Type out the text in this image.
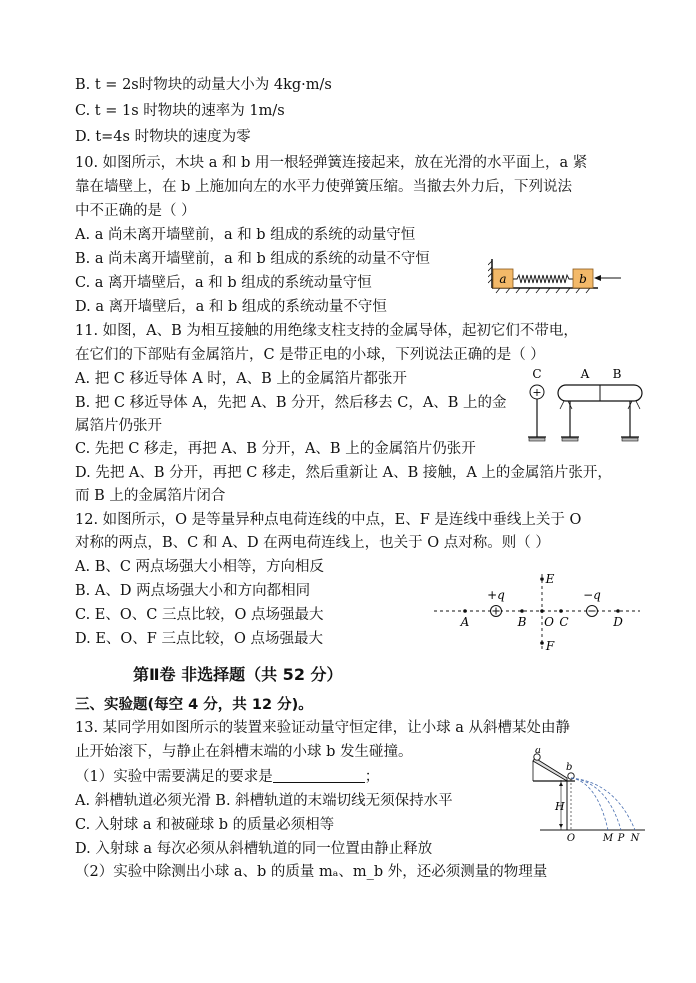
B. t = 2s时物块的动量大小为 4kg·m/s
C. t = 1s 时物块的速率为 1m/s
D. t=4s 时物块的速度为零
10. 如图所示，木块 a 和 b 用一根轻弹簧连接起来，放在光滑的水平面上，a 紧
靠在墙壁上，在 b 上施加向左的水平力使弹簧压缩。当撤去外力后，下列说法
中不正确的是（ ）
A. a 尚未离开墙壁前，a 和 b 组成的系统的动量守恒
B. a 尚未离开墙壁前，a 和 b 组成的系统的动量不守恒
C. a 离开墙壁后，a 和 b 组成的系统动量守恒
D. a 离开墙壁后，a 和 b 组成的系统动量不守恒
11. 如图，A、B 为相互接触的用绝缘支柱支持的金属导体，起初它们不带电，
在它们的下部贴有金属箔片，C 是带正电的小球，下列说法正确的是（ ）
A. 把 C 移近导体 A 时，A、B 上的金属箔片都张开
B. 把 C 移近导体 A，先把 A、B 分开，然后移去 C，A、B 上的金
属箔片仍张开
C. 先把 C 移走，再把 A、B 分开，A、B 上的金属箔片仍张开
D. 先把 A、B 分开，再把 C 移走，然后重新让 A、B 接触，A 上的金属箔片张开，
而 B 上的金属箔片闭合
12. 如图所示，O 是等量异种点电荷连线的中点，E、F 是连线中垂线上关于 O
对称的两点，B、C 和 A、D 在两电荷连线上，也关于 O 点对称。则（ ）
A. B、C 两点场强大小相等，方向相反
B. A、D 两点场强大小和方向都相同
C. E、O、C 三点比较，O 点场强最大
D. E、O、F 三点比较，O 点场强最大
第Ⅱ卷 非选择题（共 52 分）
三、实验题(每空 4 分，共 12 分)。
13. 某同学用如图所示的装置来验证动量守恒定律，让小球 a 从斜槽某处由静
止开始滚下，与静止在斜槽末端的小球 b 发生碰撞。
（1）实验中需要满足的要求是	；
A. 斜槽轨道必须光滑 B. 斜槽轨道的末端切线无须保持水平
C. 入射球 a 和被碰球 b 的质量必须相等
D. 入射球 a 每次必须从斜槽轨道的同一位置由静止释放
（2）实验中除测出小球 a、b 的质量 mₐ、m_b 外，还必须测量的物理量
a	b
C
+
A B
+q	−q
A	B O C	D
E
F
a
b
H
O	M P N
